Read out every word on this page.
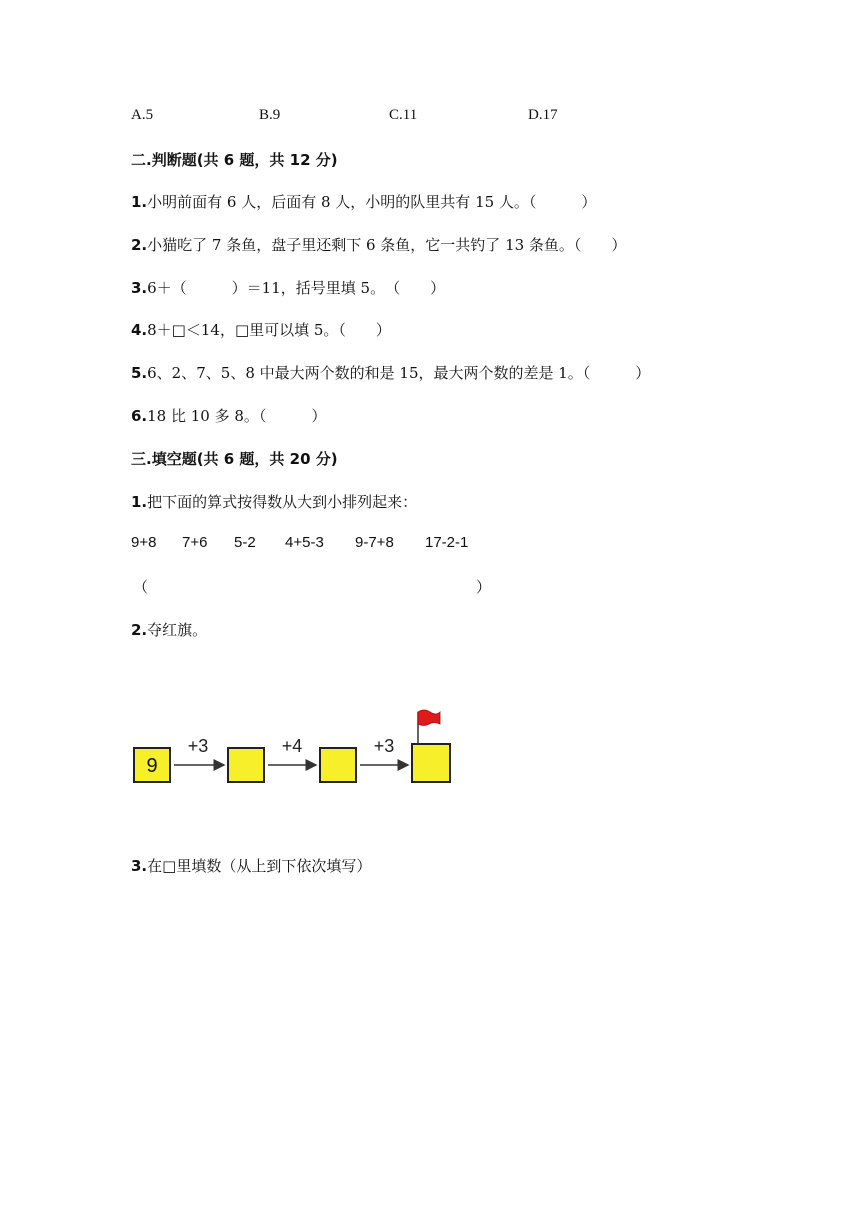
A.5	B.9	C.11	D.17
二.判断题(共 6 题，共 12 分)
1.小明前面有 6 人，后面有 8 人，小明的队里共有 15 人。（　　　）
2.小猫吃了 7 条鱼，盘子里还剩下 6 条鱼，它一共钓了 13 条鱼。（　　）
3.6＋（　　　）＝11，括号里填 5。　（　　）
4.8＋□＜14，□里可以填 5。（　　）
5.6、2、7、5、8 中最大两个数的和是 15，最大两个数的差是 1。（　　　）
6.18 比 10 多 8。（　　　）
三.填空题(共 6 题，共 20 分)
1.把下面的算式按得数从大到小排列起来：
9+8 7+6 5-2 4+5-3 9-7+8 17-2-1
（	）
2.夺红旗。
9
+3	+4	+3
3.在□里填数（从上到下依次填写）
